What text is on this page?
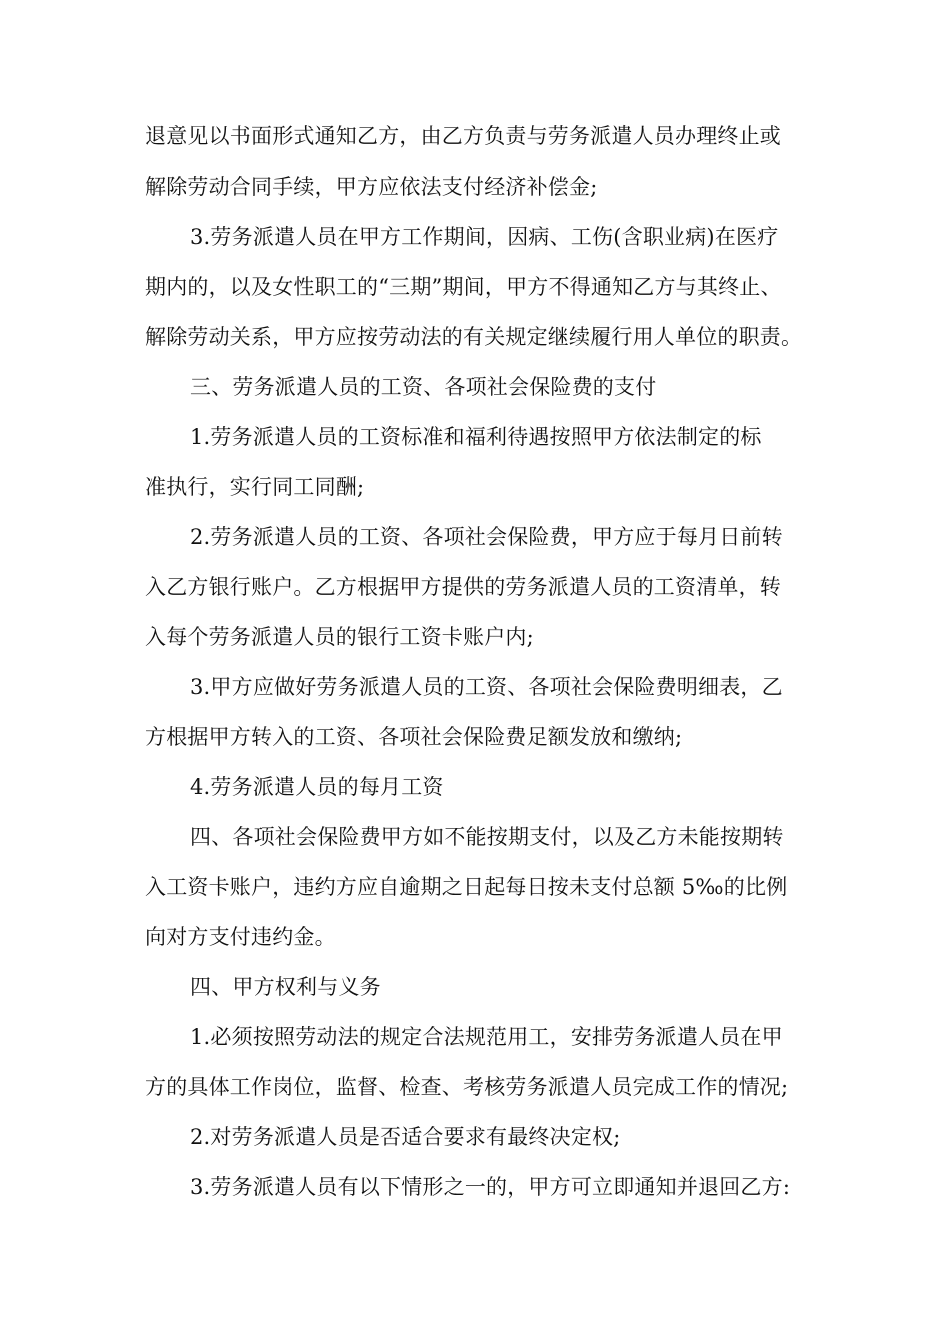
退意见以书面形式通知乙方，由乙方负责与劳务派遣人员办理终止或
解除劳动合同手续，甲方应依法支付经济补偿金;
3.劳务派遣人员在甲方工作期间，因病、工伤(含职业病)在医疗
期内的，以及女性职工的“三期”期间，甲方不得通知乙方与其终止、
解除劳动关系，甲方应按劳动法的有关规定继续履行用人单位的职责。
三、劳务派遣人员的工资、各项社会保险费的支付
1.劳务派遣人员的工资标准和福利待遇按照甲方依法制定的标
准执行，实行同工同酬;
2.劳务派遣人员的工资、各项社会保险费，甲方应于每月日前转
入乙方银行账户。乙方根据甲方提供的劳务派遣人员的工资清单，转
入每个劳务派遣人员的银行工资卡账户内;
3.甲方应做好劳务派遣人员的工资、各项社会保险费明细表，乙
方根据甲方转入的工资、各项社会保险费足额发放和缴纳;
4.劳务派遣人员的每月工资
四、各项社会保险费甲方如不能按期支付，以及乙方未能按期转
入工资卡账户，违约方应自逾期之日起每日按未支付总额 5‰的比例
向对方支付违约金。
四、甲方权利与义务
1.必须按照劳动法的规定合法规范用工，安排劳务派遣人员在甲
方的具体工作岗位，监督、检查、考核劳务派遣人员完成工作的情况;
2.对劳务派遣人员是否适合要求有最终决定权;
3.劳务派遣人员有以下情形之一的，甲方可立即通知并退回乙方:
